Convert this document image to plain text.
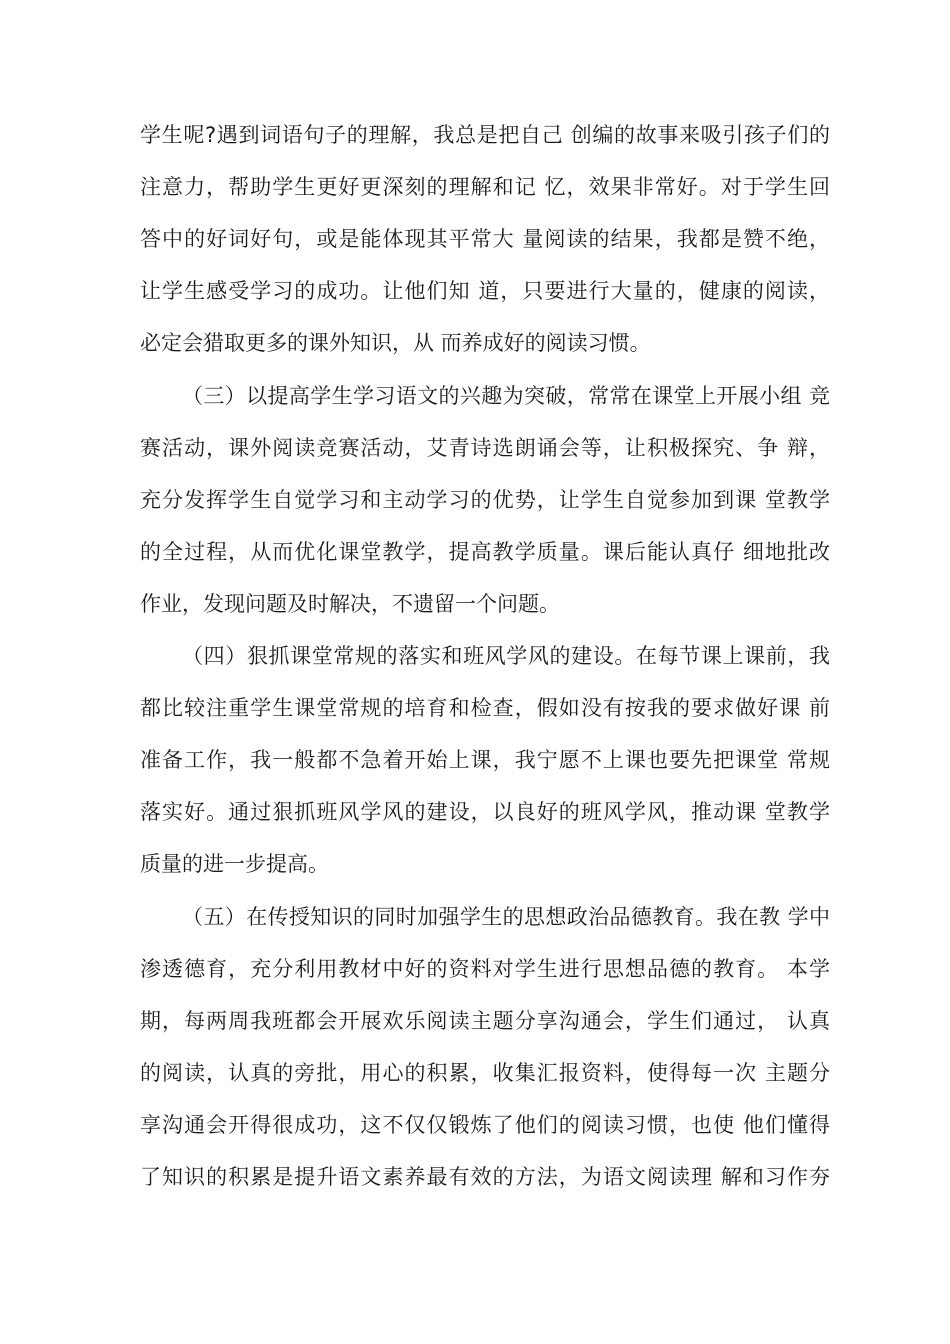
学生呢?遇到词语句子的理解，我总是把自己 创编的故事来吸引孩子们的
注意力，帮助学生更好更深刻的理解和记 忆，效果非常好。对于学生回
答中的好词好句，或是能体现其平常大 量阅读的结果，我都是赞不绝，
让学生感受学习的成功。让他们知 道，只要进行大量的，健康的阅读，
必定会猎取更多的课外知识，从 而养成好的阅读习惯。
（三）以提高学生学习语文的兴趣为突破，常常在课堂上开展小组 竞
赛活动，课外阅读竞赛活动，艾青诗选朗诵会等，让积极探究、争 辩，
充分发挥学生自觉学习和主动学习的优势，让学生自觉参加到课 堂教学
的全过程，从而优化课堂教学，提高教学质量。课后能认真仔 细地批改
作业，发现问题及时解决，不遗留一个问题。
（四）狠抓课堂常规的落实和班风学风的建设。在每节课上课前，我
都比较注重学生课堂常规的培育和检查，假如没有按我的要求做好课 前
准备工作，我一般都不急着开始上课，我宁愿不上课也要先把课堂 常规
落实好。通过狠抓班风学风的建设，以良好的班风学风，推动课 堂教学
质量的进一步提高。
（五）在传授知识的同时加强学生的思想政治品德教育。我在教 学中
渗透德育，充分利用教材中好的资料对学生进行思想品德的教育。 本学
期，每两周我班都会开展欢乐阅读主题分享沟通会，学生们通过， 认真
的阅读，认真的旁批，用心的积累，收集汇报资料，使得每一次 主题分
享沟通会开得很成功，这不仅仅锻炼了他们的阅读习惯，也使 他们懂得
了知识的积累是提升语文素养最有效的方法，为语文阅读理 解和习作夯
